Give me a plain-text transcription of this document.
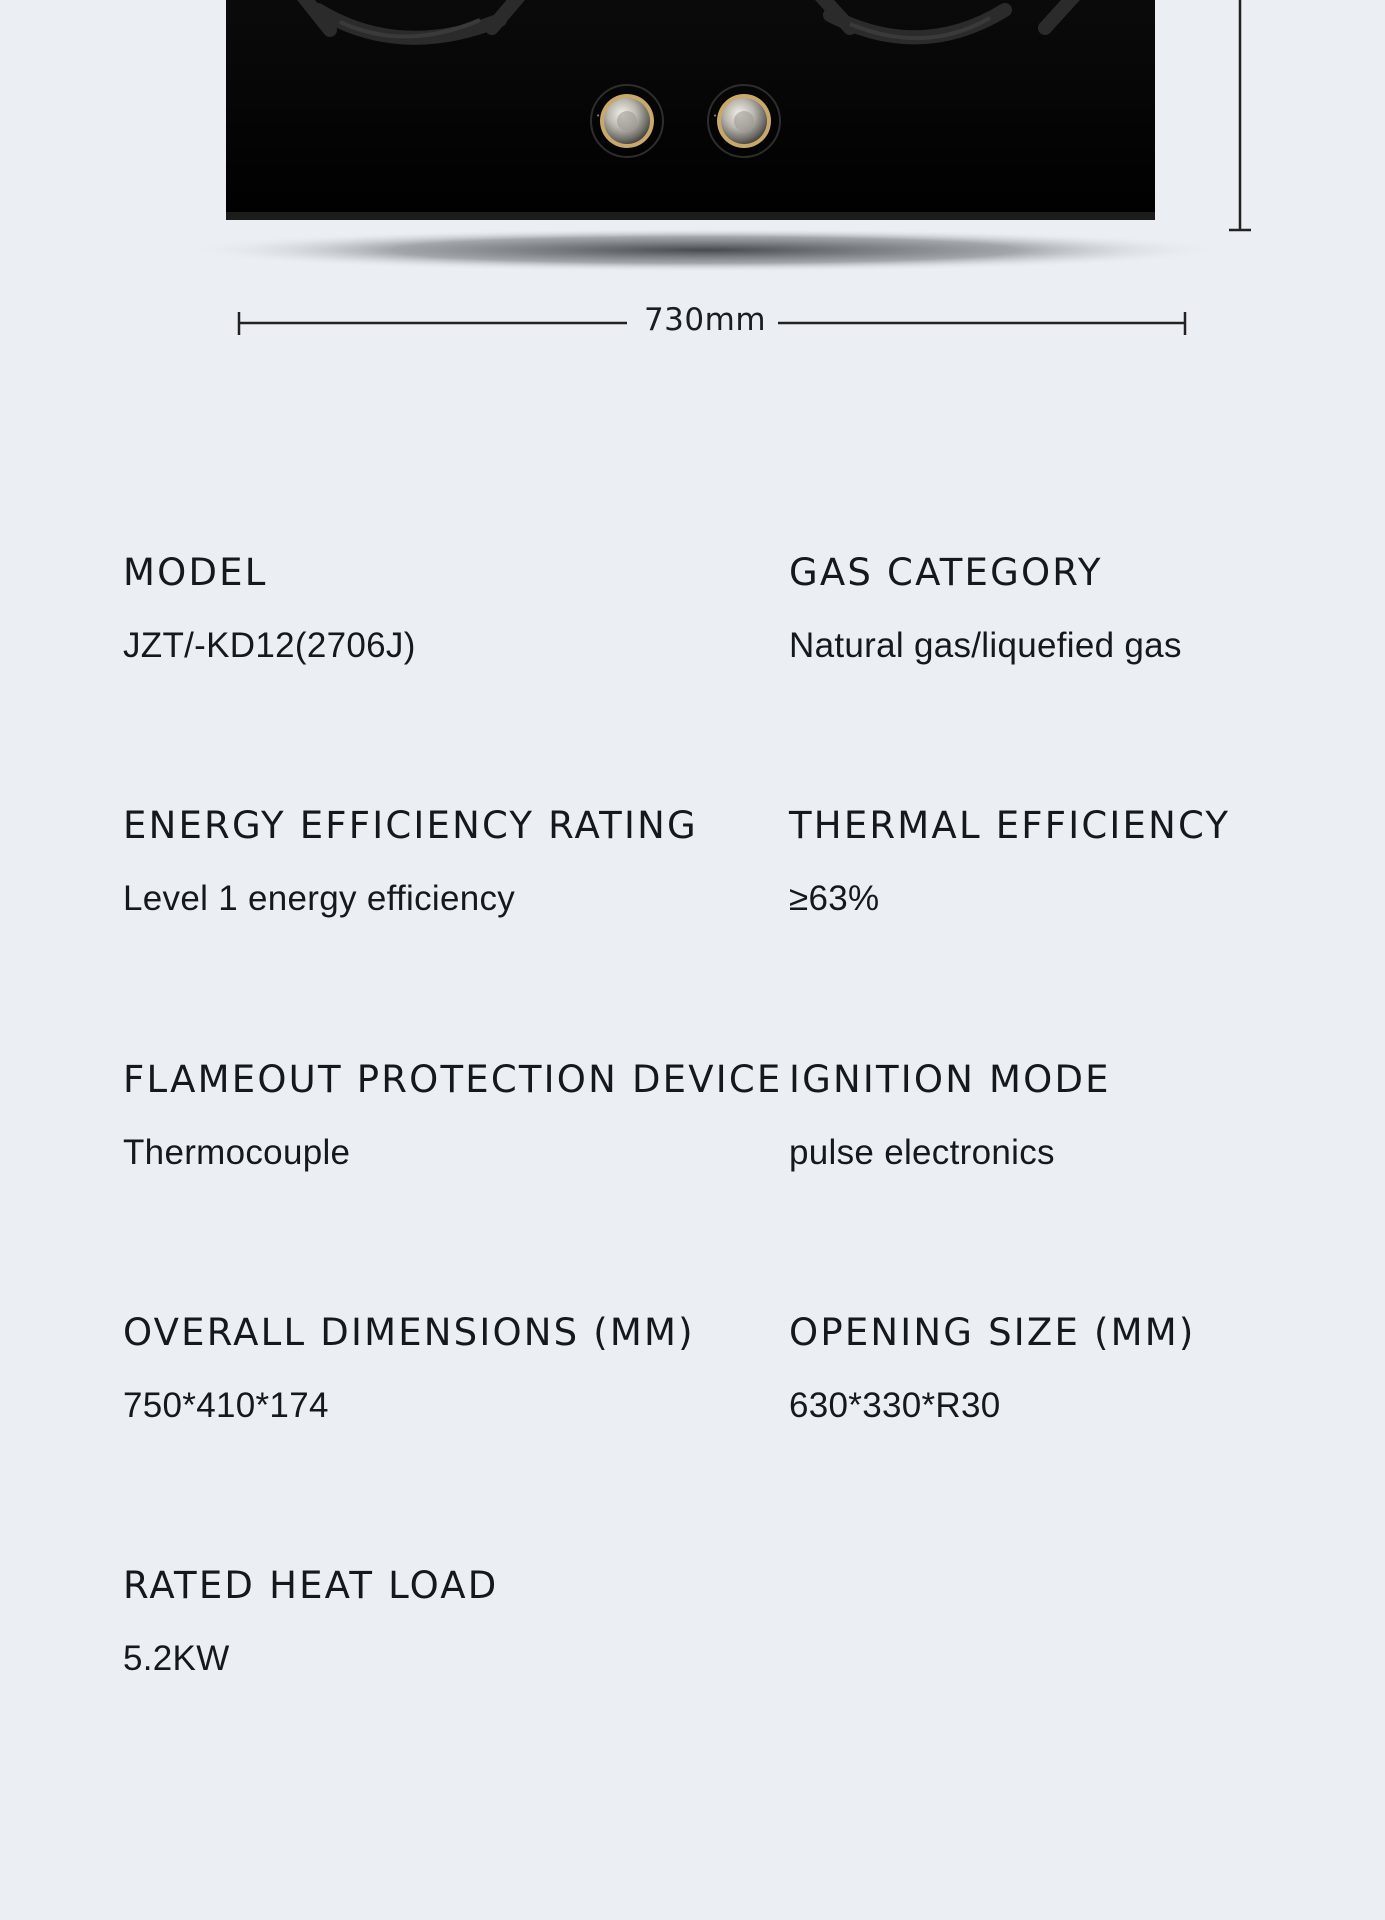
•	•
730mm
MODEL
JZT/-KD12(2706J)
GAS CATEGORY
Natural gas/liquefied gas
ENERGY EFFICIENCY RATING
Level 1 energy efficiency
THERMAL EFFICIENCY
≥63%
FLAMEOUT PROTECTION DEVICE
Thermocouple
IGNITION MODE
pulse electronics
OVERALL DIMENSIONS (MM)
750*410*174
OPENING SIZE (MM)
630*330*R30
RATED HEAT LOAD
5.2KW
